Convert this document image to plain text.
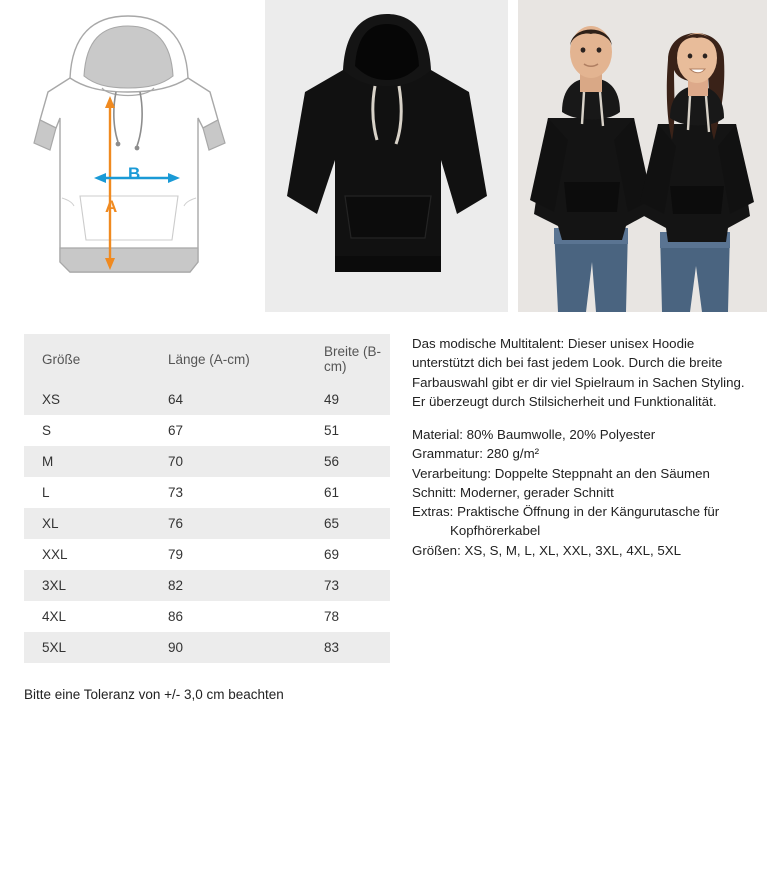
A
B
Größe	Länge (A-cm)	Breite (B-cm)
XS	64	49
S	67	51
M	70	56
L	73	61
XL	76	65
XXL	79	69
3XL	82	73
4XL	86	78
5XL	90	83

Das modische Multitalent: Dieser unisex Hoodie unterstützt dich bei fast jedem Look. Durch die breite Farbauswahl gibt er dir viel Spielraum in Sachen Styling. Er überzeugt durch Stilsicherheit und Funktionalität.

Material: 80% Baumwolle, 20% Polyester

Grammatur: 280 g/m²

Verarbeitung: Doppelte Steppnaht an den Säumen

Schnitt: Moderner, gerader Schnitt

Extras: Praktische Öffnung in der Kängurutasche für

Kopfhörerkabel

Größen: XS, S, M, L, XL, XXL, 3XL, 4XL, 5XL

Bitte eine Toleranz von +/- 3,0 cm beachten
